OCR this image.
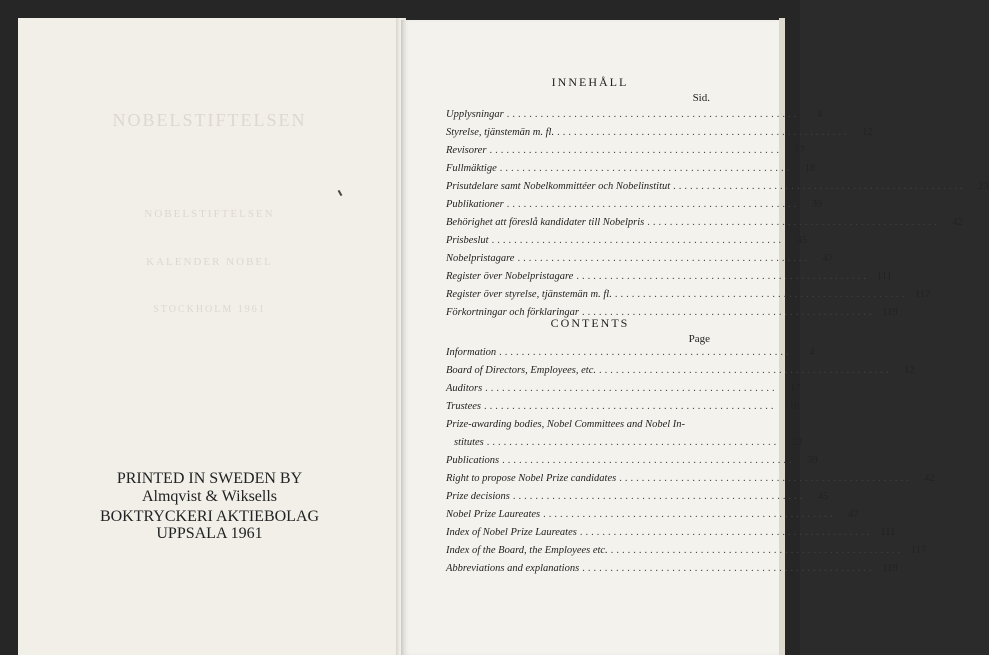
NOBELSTIFTELSEN
NOBELSTIFTELSEN
KALENDER NOBEL
STOCKHOLM 1961
PRINTED IN SWEDEN BY
Almqvist & Wiksells
BOKTRYCKERI AKTIEBOLAG
UPPSALA 1961
INNEHÅLL
Sid.
Upplysningar ....................................................	4
Styrelse, tjänstemän m. fl. ....................................................	12
Revisorer ....................................................	17
Fullmäktige ....................................................	18
Prisutdelare samt Nobelkommittéer och Nobelinstitut ....................................................	23
Publikationer ....................................................	39
Behörighet att föreslå kandidater till Nobelpris ....................................................	42
Prisbeslut ....................................................	45
Nobelpristagare ....................................................	47
Register över Nobelpristagare .................................................... 111
Register över styrelse, tjänstemän m. fl. .................................................... 117
Förkortningar och förklaringar .................................................... 119
CONTENTS
Page
Information ....................................................	4
Board of Directors, Employees, etc. ....................................................	12
Auditors ....................................................	17
Trustees ....................................................	18
Prize-awarding bodies, Nobel Committees and Nobel In-
stitutes ....................................................	23
Publications ....................................................	39
Right to propose Nobel Prize candidates ....................................................	42
Prize decisions ....................................................	45
Nobel Prize Laureates ....................................................	47
Index of Nobel Prize Laureates .................................................... 111
Index of the Board, the Employees etc. .................................................... 117
Abbreviations and explanations .................................................... 119
